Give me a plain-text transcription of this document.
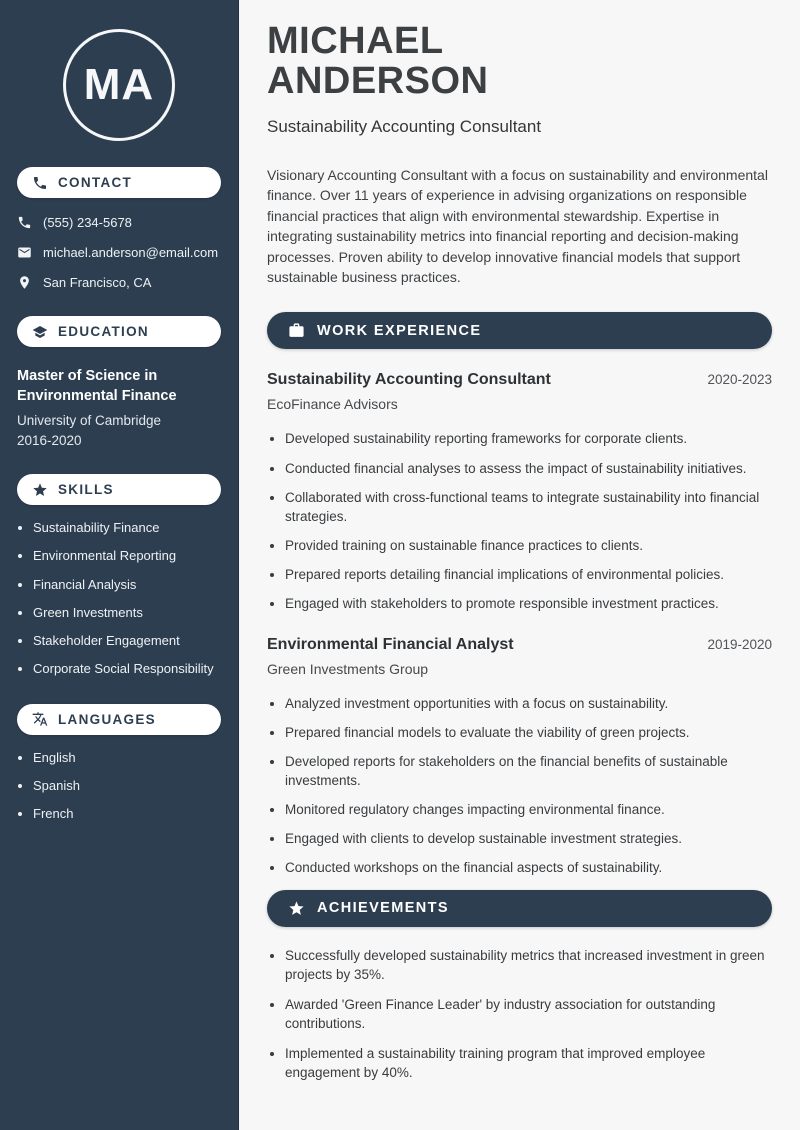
MA
CONTACT
(555) 234-5678
michael.anderson@email.com
San Francisco, CA
EDUCATION
Master of Science in Environmental Finance
University of Cambridge
2016-2020
SKILLS
• Sustainability Finance
• Environmental Reporting
• Financial Analysis
• Green Investments
• Stakeholder Engagement
• Corporate Social Responsibility
LANGUAGES
• English
• Spanish
• French
MICHAEL
ANDERSON
Sustainability Accounting Consultant

Visionary Accounting Consultant with a focus on sustainability and environmental finance. Over 11 years of experience in advising organizations on responsible financial practices that align with environmental stewardship. Expertise in integrating sustainability metrics into financial reporting and decision-making processes. Proven ability to develop innovative financial models that support sustainable business practices.

WORK EXPERIENCE
Sustainability Accounting Consultant	2020-2023
EcoFinance Advisors
• Developed sustainability reporting frameworks for corporate clients.
• Conducted financial analyses to assess the impact of sustainability initiatives.
• Collaborated with cross-functional teams to integrate sustainability into financial strategies.
• Provided training on sustainable finance practices to clients.
• Prepared reports detailing financial implications of environmental policies.
• Engaged with stakeholders to promote responsible investment practices.
Environmental Financial Analyst	2019-2020
Green Investments Group
• Analyzed investment opportunities with a focus on sustainability.
• Prepared financial models to evaluate the viability of green projects.
• Developed reports for stakeholders on the financial benefits of sustainable investments.
• Monitored regulatory changes impacting environmental finance.
• Engaged with clients to develop sustainable investment strategies.
• Conducted workshops on the financial aspects of sustainability.
ACHIEVEMENTS
• Successfully developed sustainability metrics that increased investment in green projects by 35%.
• Awarded 'Green Finance Leader' by industry association for outstanding contributions.
• Implemented a sustainability training program that improved employee engagement by 40%.
